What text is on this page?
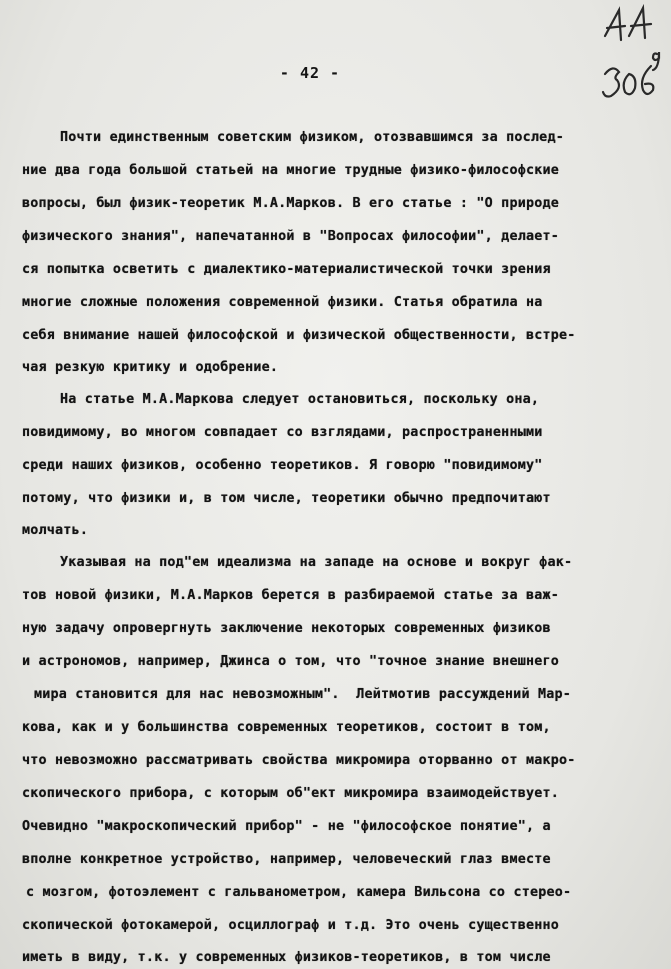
- 42 -
Почти единственным советским физиком, отозвавшимся за послед-
ние два года большой статьей на многие трудные физико-философские
вопросы, был физик-теоретик М.А.Марков. В его статье : "О природе
физического знания", напечатанной в "Вопросах философии", делает-
ся попытка осветить с диалектико-материалистической точки зрения
многие сложные положения современной физики. Статья обратила на
себя внимание нашей философской и физической общественности, встре-
чая резкую критику и одобрение.
На статье М.А.Маркова следует остановиться, поскольку она,
повидимому, во многом совпадает со взглядами, распространенными
среди наших физиков, особенно теоретиков. Я говорю "повидимому"
потому, что физики и, в том числе, теоретики обычно предпочитают
молчать.
Указывая на под"ем идеализма на западе на основе и вокруг фак-
тов новой физики, М.А.Марков берется в разбираемой статье за важ-
ную задачу опровергнуть заключение некоторых современных физиков
и астрономов, например, Джинса о том, что "точное знание внешнего
мира становится для нас невозможным".  Лейтмотив рассуждений Мар-
кова, как и у большинства современных теоретиков, состоит в том,
что невозможно рассматривать свойства микромира оторванно от макро-
скопического прибора, с которым об"ект микромира взаимодействует.
Очевидно "макроскопический прибор" - не "философское понятие", а
вполне конкретное устройство, например, человеческий глаз вместе
с мозгом, фотоэлемент с гальванометром, камера Вильсона со стерео-
скопической фотокамерой, осциллограф и т.д. Это очень существенно
иметь в виду, т.к. у современных физиков-теоретиков, в том числе
